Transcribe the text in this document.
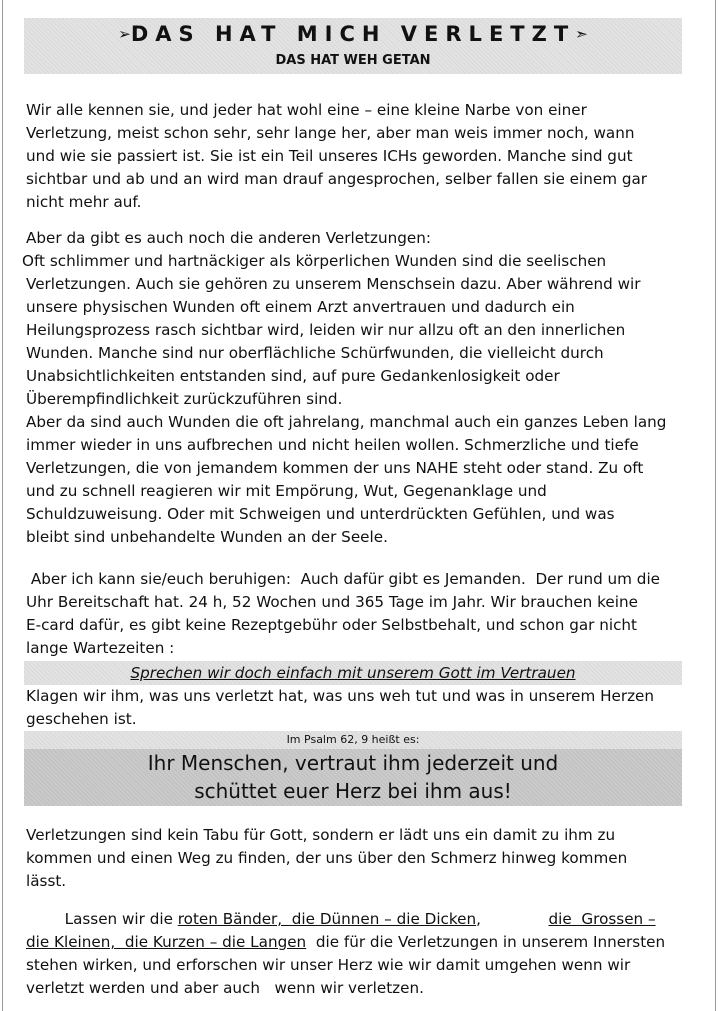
➢DAS HAT MICH VERLETZT➣
DAS HAT WEH GETAN
Wir alle kennen sie, und jeder hat wohl eine – eine kleine Narbe von einer
Verletzung, meist schon sehr, sehr lange her, aber man weis immer noch, wann
und wie sie passiert ist. Sie ist ein Teil unseres ICHs geworden. Manche sind gut
sichtbar und ab und an wird man drauf angesprochen, selber fallen sie einem gar
nicht mehr auf.
Aber da gibt es auch noch die anderen Verletzungen:
Oft schlimmer und hartnäckiger als körperlichen Wunden sind die seelischen
Verletzungen. Auch sie gehören zu unserem Menschsein dazu. Aber während wir
unsere physischen Wunden oft einem Arzt anvertrauen und dadurch ein
Heilungsprozess rasch sichtbar wird, leiden wir nur allzu oft an den innerlichen
Wunden. Manche sind nur oberflächliche Schürfwunden, die vielleicht durch
Unabsichtlichkeiten entstanden sind, auf pure Gedankenlosigkeit oder
Überempfindlichkeit zurückzuführen sind.
Aber da sind auch Wunden die oft jahrelang, manchmal auch ein ganzes Leben lang
immer wieder in uns aufbrechen und nicht heilen wollen. Schmerzliche und tiefe
Verletzungen, die von jemandem kommen der uns NAHE steht oder stand. Zu oft
und zu schnell reagieren wir mit Empörung, Wut, Gegenanklage und
Schuldzuweisung. Oder mit Schweigen und unterdrückten Gefühlen, und was
bleibt sind unbehandelte Wunden an der Seele.
Aber ich kann sie/euch beruhigen:  Auch dafür gibt es Jemanden.  Der rund um die
Uhr Bereitschaft hat. 24 h, 52 Wochen und 365 Tage im Jahr. Wir brauchen keine
E-card dafür, es gibt keine Rezeptgebühr oder Selbstbehalt, und schon gar nicht
lange Wartezeiten :
Sprechen wir doch einfach mit unserem Gott im Vertrauen
Klagen wir ihm, was uns verletzt hat, was uns weh tut und was in unserem Herzen
geschehen ist.
Im Psalm 62, 9 heißt es:
Ihr Menschen, vertraut ihm jederzeit und
schüttet euer Herz bei ihm aus!
Verletzungen sind kein Tabu für Gott, sondern er lädt uns ein damit zu ihm zu
kommen und einen Weg zu finden, der uns über den Schmerz hinweg kommen
lässt.
Lassen wir die roten Bänder,  die Dünnen – die Dicken,              die  Grossen –
die Kleinen,  die Kurzen – die Langen  die für die Verletzungen in unserem Innersten
stehen wirken, und erforschen wir unser Herz wie wir damit umgehen wenn wir
verletzt werden und aber auch   wenn wir verletzen.
